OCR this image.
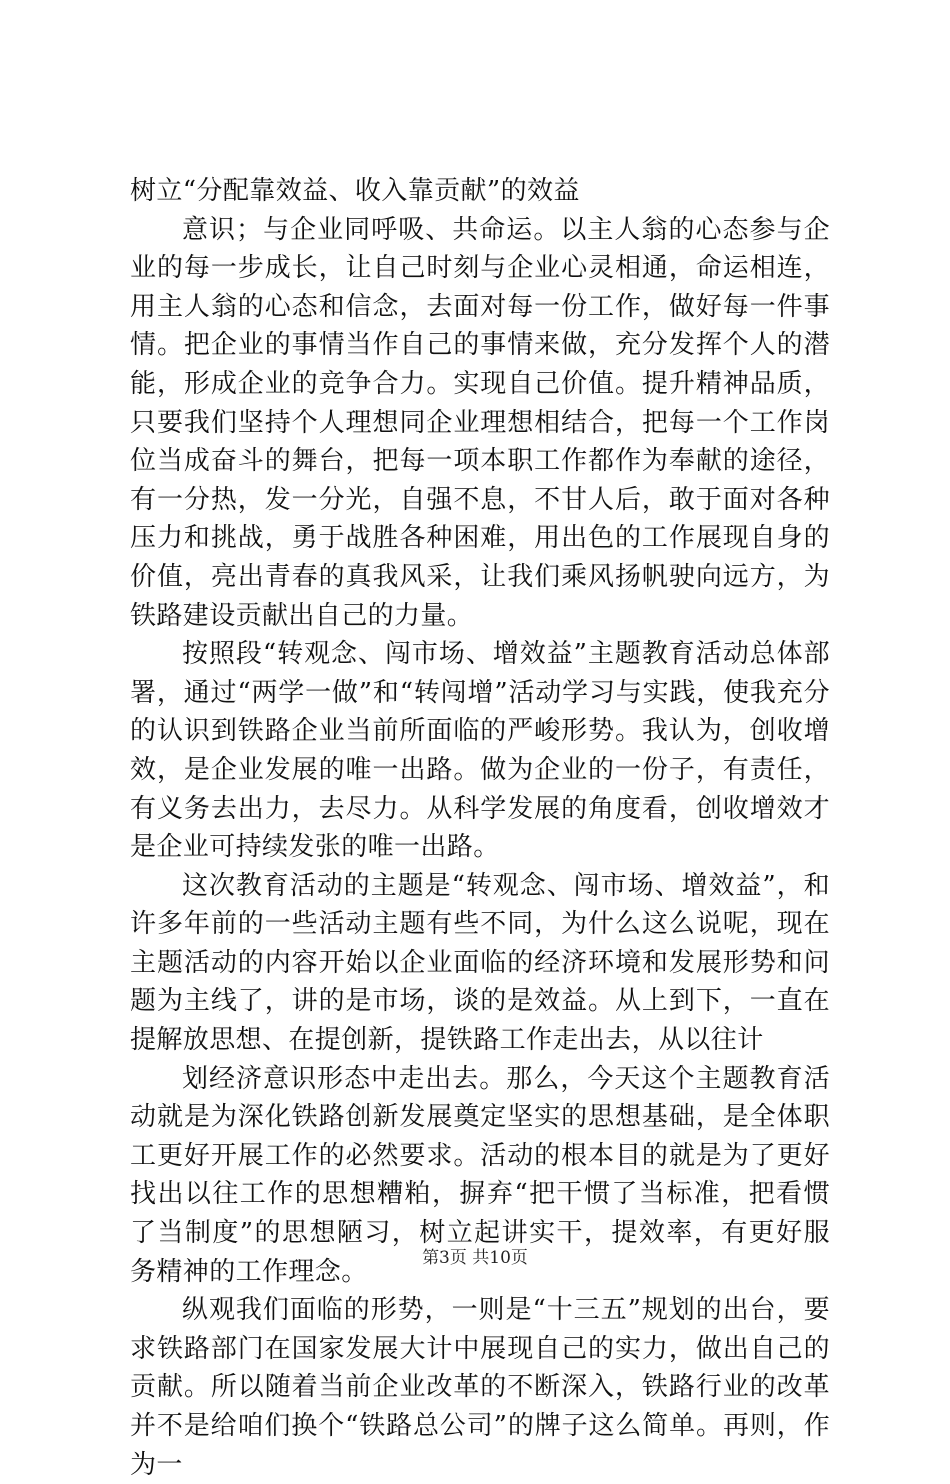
树立“分配靠效益、收入靠贡献”的效益

意识；与企业同呼吸、共命运。以主人翁的心态参与企业的每一步成长，让自己时刻与企业心灵相通，命运相连，用主人翁的心态和信念，去面对每一份工作，做好每一件事情。把企业的事情当作自己的事情来做，充分发挥个人的潜能，形成企业的竞争合力。实现自己价值。提升精神品质，只要我们坚持个人理想同企业理想相结合，把每一个工作岗位当成奋斗的舞台，把每一项本职工作都作为奉献的途径，有一分热，发一分光，自强不息，不甘人后，敢于面对各种压力和挑战，勇于战胜各种困难，用出色的工作展现自身的价值，亮出青春的真我风采，让我们乘风扬帆驶向远方，为铁路建设贡献出自己的力量。

按照段“转观念、闯市场、增效益”主题教育活动总体部署，通过“两学一做”和“转闯增”活动学习与实践，使我充分的认识到铁路企业当前所面临的严峻形势。我认为，创收增效，是企业发展的唯一出路。做为企业的一份子，有责任，有义务去出力，去尽力。从科学发展的角度看，创收增效才是企业可持续发张的唯一出路。

这次教育活动的主题是“转观念、闯市场、增效益”，和许多年前的一些活动主题有些不同，为什么这么说呢，现在主题活动的内容开始以企业面临的经济环境和发展形势和问题为主线了，讲的是市场，谈的是效益。从上到下，一直在提解放思想、在提创新，提铁路工作走出去，从以往计

划经济意识形态中走出去。那么，今天这个主题教育活动就是为深化铁路创新发展奠定坚实的思想基础，是全体职工更好开展工作的必然要求。活动的根本目的就是为了更好找出以往工作的思想糟粕，摒弃“把干惯了当标准，把看惯了当制度”的思想陋习，树立起讲实干，提效率，有更好服务精神的工作理念。

纵观我们面临的形势，一则是“十三五”规划的出台，要求铁路部门在国家发展大计中展现自己的实力，做出自己的贡献。所以随着当前企业改革的不断深入，铁路行业的改革并不是给咱们换个“铁路总公司”的牌子这么简单。再则，作为一

第3页 共10页
